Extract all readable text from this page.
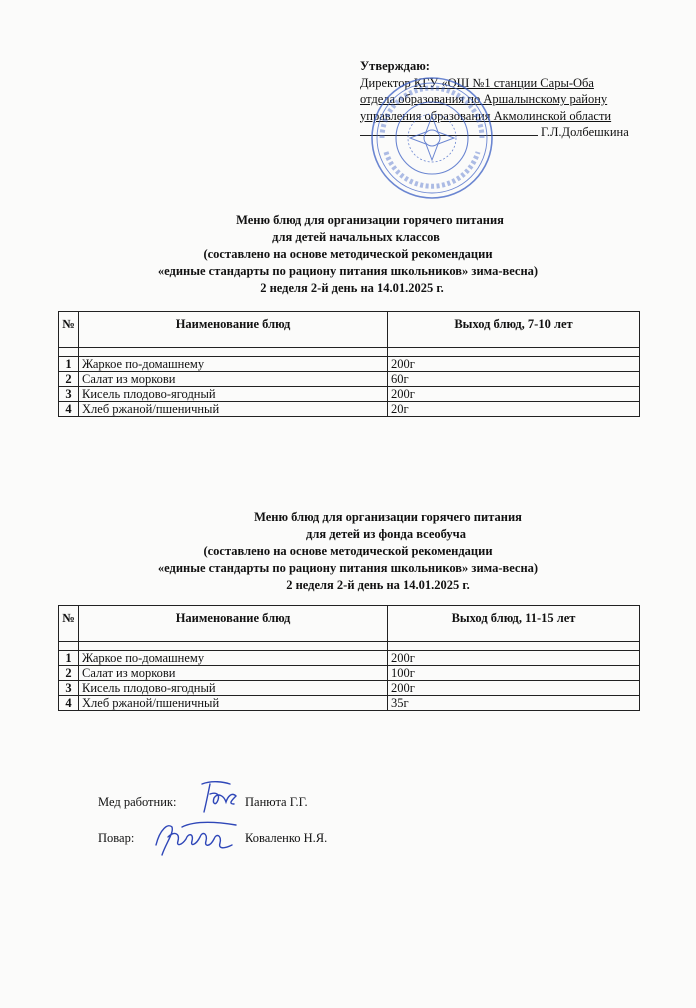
Утверждаю:
Директор КГУ «ОШ №1 станции Сары-Оба
отдела образования по Аршалынскому району
управления образования Акмолинской области
Г.Л.Долбешкина
Меню блюд для организации горячего питания
для детей начальных классов
(составлено на основе методической рекомендации
«единые стандарты по рациону питания школьников» зима-весна)
2 неделя 2-й день на 14.01.2025 г.
№	Наименование блюд	Выход блюд, 7-10 лет

1	Жаркое по-домашнему	200г
2	Салат из моркови	60г
3	Кисель плодово-ягодный	200г
4	Хлеб ржаной/пшеничный	20г
Меню блюд для организации горячего питания
для детей из фонда всеобуча
(составлено на основе методической рекомендации
«единые стандарты по рациону питания школьников» зима-весна)
2 неделя 2-й день на 14.01.2025 г.
№	Наименование блюд	Выход блюд, 11-15 лет

1	Жаркое по-домашнему	200г
2	Салат из моркови	100г
3	Кисель плодово-ягодный	200г
4	Хлеб ржаной/пшеничный	35г
Мед работник:	Панюта Г.Г.
Повар:	Коваленко Н.Я.
